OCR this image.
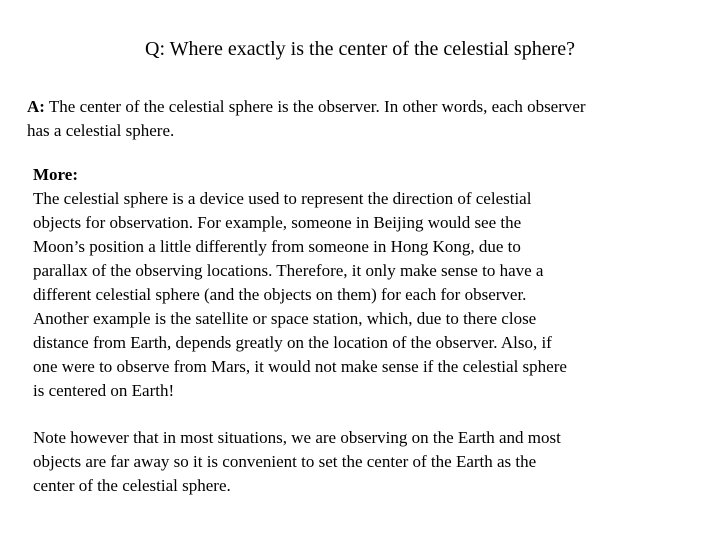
Q: Where exactly is the center of the celestial sphere?
A: The center of the celestial sphere is the observer. In other words, each observer
has a celestial sphere.
More:
The celestial sphere is a device used to represent the direction of celestial
objects for observation. For example, someone in Beijing would see the
Moon’s position a little differently from someone in Hong Kong, due to
parallax of the observing locations. Therefore, it only make sense to have a
different celestial sphere (and the objects on them) for each for observer.
Another example is the satellite or space station, which, due to there close
distance from Earth, depends greatly on the location of the observer. Also, if
one were to observe from Mars, it would not make sense if the celestial sphere
is centered on Earth!
Note however that in most situations, we are observing on the Earth and most
objects are far away so it is convenient to set the center of the Earth as the
center of the celestial sphere.
